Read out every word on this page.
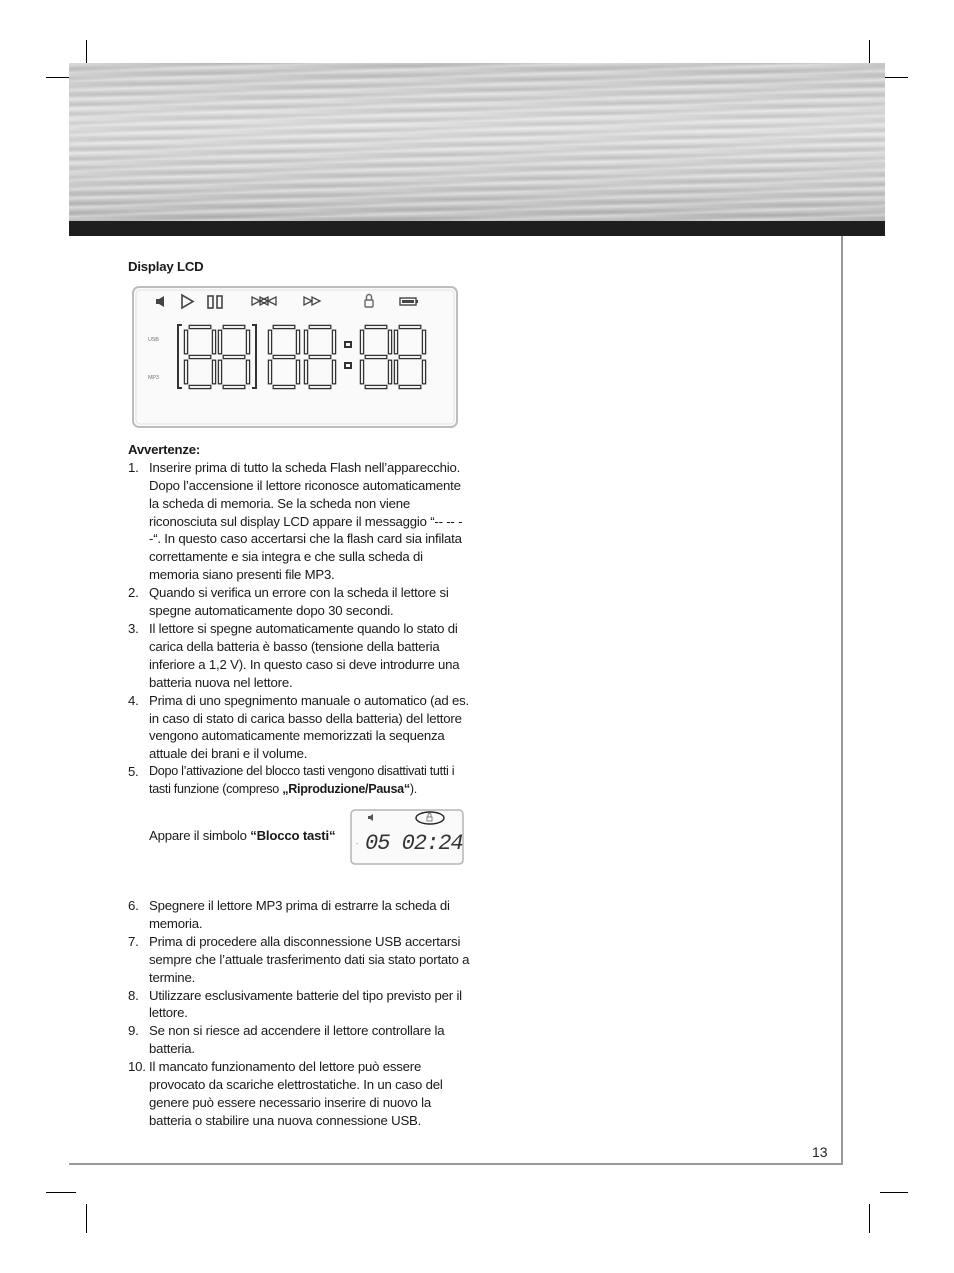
Display LCD
USB
MP3
Avvertenze:
1. Inserire prima di tutto la scheda Flash nell’apparecchio. Dopo l’accensione il lettore riconosce automaticamente la scheda di memoria. Se la scheda non viene riconosciuta sul display LCD appare il messaggio “-- -- --“. In questo caso accertarsi che la flash card sia infilata correttamente e sia integra e che sulla scheda di memoria siano presenti file MP3.
2. Quando si verifica un errore con la scheda il lettore si spegne automaticamente dopo 30 secondi.
3. Il lettore si spegne automaticamente quando lo stato di carica della batteria è basso (tensione della batteria inferiore a 1,2 V). In questo caso si deve introdurre una batteria nuova nel lettore.
4. Prima di uno spegnimento manuale o automatico (ad es. in caso di stato di carica basso della batteria) del lettore vengono automaticamente memorizzati la sequenza attuale dei brani e il volume.
5. Dopo l’attivazione del blocco tasti vengono disattivati tutti i tasti funzione (compreso „Riproduzione/Pausa“).
Appare il simbolo “Blocco tasti“
- 05 02:24
6. Spegnere il lettore MP3 prima di estrarre la scheda di memoria.
7. Prima di procedere alla disconnessione USB accertarsi sempre che l’attuale trasferimento dati sia stato portato a termine.
8. Utilizzare esclusivamente batterie del tipo previsto per il lettore.
9. Se non si riesce ad accendere il lettore controllare la batteria.
10. Il mancato funzionamento del lettore può essere provocato da scariche elettrostatiche. In un caso del genere può essere necessario inserire di nuovo la batteria o stabilire una nuova connessione USB.
13
